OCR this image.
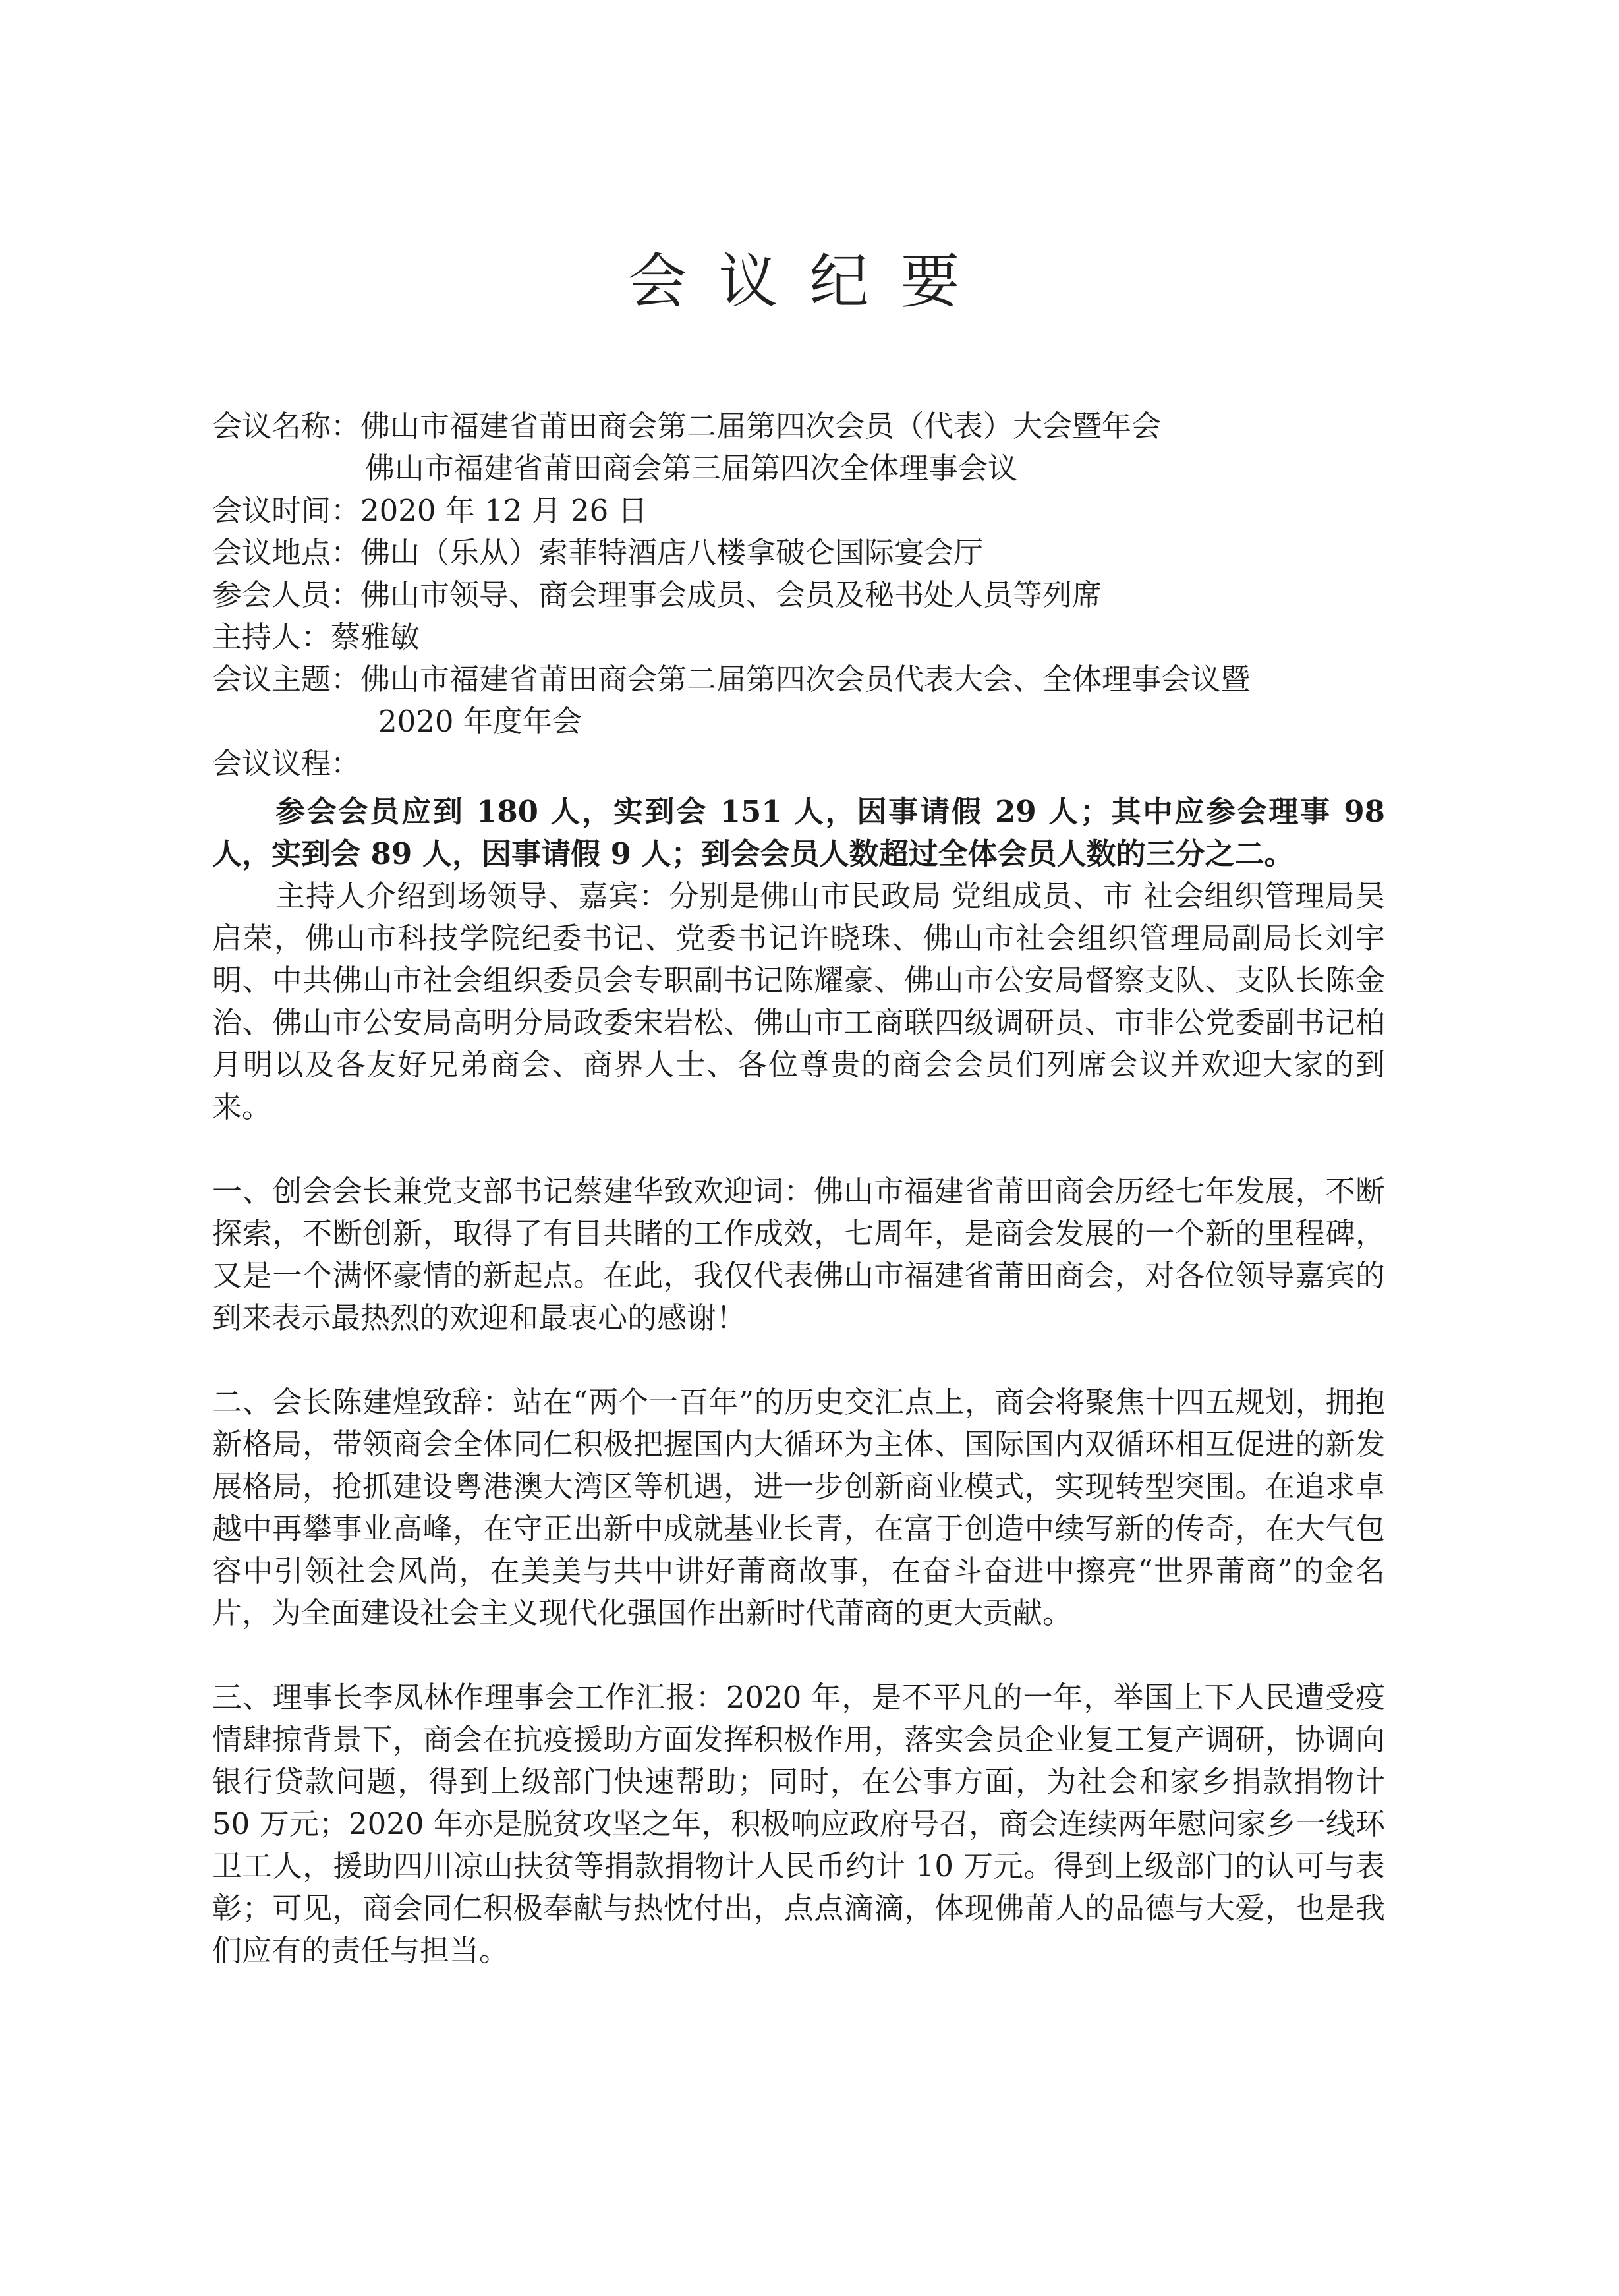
会议纪要
会议名称： 佛山市福建省莆田商会第二届第四次会员（代表）大会暨年会
佛山市福建省莆田商会第三届第四次全体理事会议
会议时间： 2020 年 12 月 26 日
会议地点： 佛山（乐从）索菲特酒店八楼拿破仑国际宴会厅
参会人员： 佛山市领导、商会理事会成员、会员及秘书处人员等列席
主持人： 蔡雅敏
会议主题： 佛山市福建省莆田商会第二届第四次会员代表大会、全体理事会议暨
2020 年度年会
会议议程：

参会会员应到 180 人，实到会 151 人，因事请假 29 人；其中应参会理事 98 人，实到会 89 人，因事请假 9 人；到会会员人数超过全体会员人数的三分之二。

主持人介绍到场领导、嘉宾：分别是佛山市民政局 党组成员、市 社会组织管理局吴启荣，佛山市科技学院纪委书记、党委书记许晓珠、佛山市社会组织管理局副局长刘宇明、中共佛山市社会组织委员会专职副书记陈耀豪、佛山市公安局督察支队、支队长陈金治、佛山市公安局高明分局政委宋岩松、佛山市工商联四级调研员、市非公党委副书记柏月明以及各友好兄弟商会、商界人士、各位尊贵的商会会员们列席会议并欢迎大家的到来。

一、创会会长兼党支部书记蔡建华致欢迎词：佛山市福建省莆田商会历经七年发展，不断探索，不断创新，取得了有目共睹的工作成效，七周年，是商会发展的一个新的里程碑，又是一个满怀豪情的新起点。在此，我仅代表佛山市福建省莆田商会，对各位领导嘉宾的到来表示最热烈的欢迎和最衷心的感谢！

二、会长陈建煌致辞：站在“两个一百年”的历史交汇点上，商会将聚焦十四五规划，拥抱新格局，带领商会全体同仁积极把握国内大循环为主体、国际国内双循环相互促进的新发展格局，抢抓建设粤港澳大湾区等机遇，进一步创新商业模式，实现转型突围。在追求卓越中再攀事业高峰，在守正出新中成就基业长青，在富于创造中续写新的传奇，在大气包容中引领社会风尚，在美美与共中讲好莆商故事，在奋斗奋进中擦亮“世界莆商”的金名片，为全面建设社会主义现代化强国作出新时代莆商的更大贡献。

三、理事长李凤林作理事会工作汇报：2020 年，是不平凡的一年，举国上下人民遭受疫情肆掠背景下，商会在抗疫援助方面发挥积极作用，落实会员企业复工复产调研，协调向银行贷款问题，得到上级部门快速帮助；同时，在公事方面，为社会和家乡捐款捐物计 50 万元；2020 年亦是脱贫攻坚之年，积极响应政府号召，商会连续两年慰问家乡一线环卫工人，援助四川凉山扶贫等捐款捐物计人民币约计 10 万元。得到上级部门的认可与表彰；可见，商会同仁积极奉献与热忱付出，点点滴滴，体现佛莆人的品德与大爱，也是我们应有的责任与担当。
